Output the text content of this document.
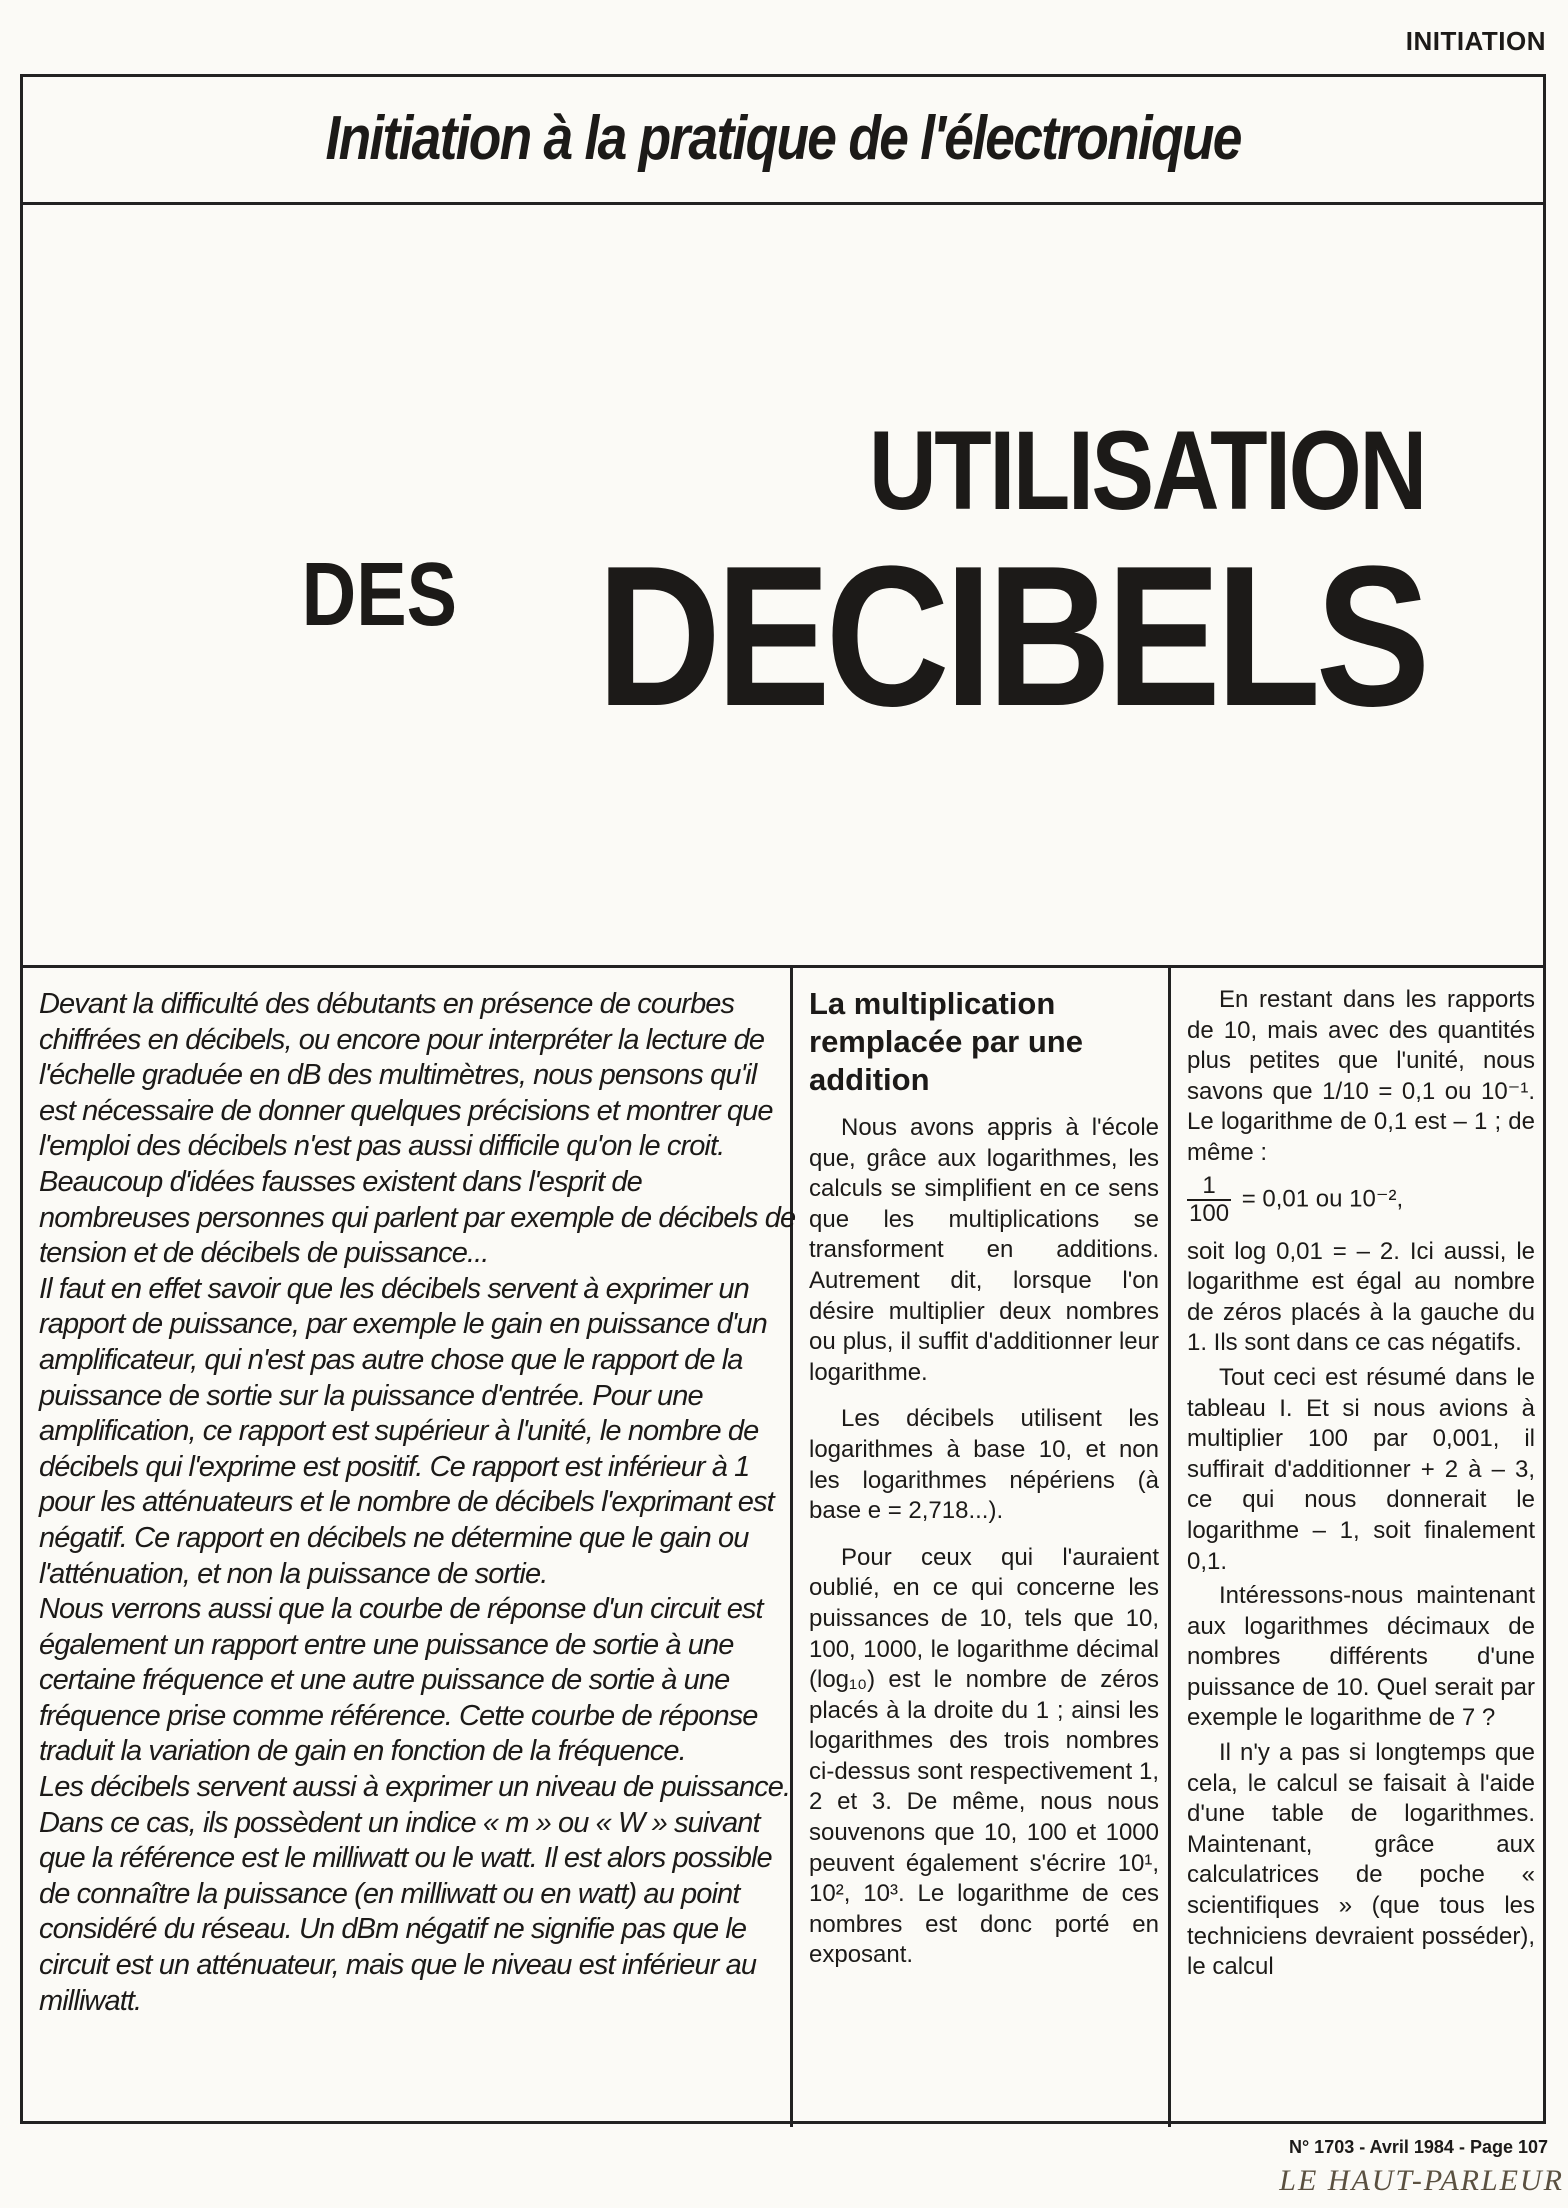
INITIATION
Initiation à la pratique de l'électronique
UTILISATION
DES DECIBELS

Devant la difficulté des débutants en présence de courbes chiffrées en décibels, ou encore pour interpréter la lecture de l'échelle graduée en dB des multimètres, nous pensons qu'il est nécessaire de donner quelques précisions et montrer que l'emploi des décibels n'est pas aussi difficile qu'on le croit.

Beaucoup d'idées fausses existent dans l'esprit de nombreuses personnes qui parlent par exemple de décibels de tension et de décibels de puissance...

Il faut en effet savoir que les décibels servent à exprimer un rapport de puissance, par exemple le gain en puissance d'un amplificateur, qui n'est pas autre chose que le rapport de la puissance de sortie sur la puissance d'entrée. Pour une amplification, ce rapport est supérieur à l'unité, le nombre de décibels qui l'exprime est positif. Ce rapport est inférieur à 1 pour les atténuateurs et le nombre de décibels l'exprimant est négatif. Ce rapport en décibels ne détermine que le gain ou l'atténuation, et non la puissance de sortie.

Nous verrons aussi que la courbe de réponse d'un circuit est également un rapport entre une puissance de sortie à une certaine fréquence et une autre puissance de sortie à une fréquence prise comme référence. Cette courbe de réponse traduit la variation de gain en fonction de la fréquence.

Les décibels servent aussi à exprimer un niveau de puissance. Dans ce cas, ils possèdent un indice « m » ou « W » suivant que la référence est le milliwatt ou le watt. Il est alors possible de connaître la puissance (en milliwatt ou en watt) au point considéré du réseau. Un dBm négatif ne signifie pas que le circuit est un atténuateur, mais que le niveau est inférieur au milliwatt.

La multiplication remplacée par une addition

Nous avons appris à l'école que, grâce aux logarithmes, les calculs se simplifient en ce sens que les multiplications se transforment en additions. Autrement dit, lorsque l'on désire multiplier deux nombres ou plus, il suffit d'additionner leur logarithme.

Les décibels utilisent les logarithmes à base 10, et non les logarithmes népériens (à base e = 2,718...).

Pour ceux qui l'auraient oublié, en ce qui concerne les puissances de 10, tels que 10, 100, 1000, le logarithme décimal (log₁₀) est le nombre de zéros placés à la droite du 1 ; ainsi les logarithmes des trois nombres ci-dessus sont respectivement 1, 2 et 3. De même, nous nous souvenons que 10, 100 et 1000 peuvent également s'écrire 10¹, 10², 10³. Le logarithme de ces nombres est donc porté en exposant.

En restant dans les rapports de 10, mais avec des quantités plus petites que l'unité, nous savons que 1/10 = 0,1 ou 10⁻¹. Le logarithme de 0,1 est – 1 ; de même :

$\frac{1}{100} = 0,01$ ou 10⁻²,

soit log 0,01 = – 2. Ici aussi, le logarithme est égal au nombre de zéros placés à la gauche du 1. Ils sont dans ce cas négatifs.

Tout ceci est résumé dans le tableau I. Et si nous avions à multiplier 100 par 0,001, il suffirait d'additionner + 2 à – 3, ce qui nous donnerait le logarithme – 1, soit finalement 0,1.

Intéressons-nous maintenant aux logarithmes décimaux de nombres différents d'une puissance de 10. Quel serait par exemple le logarithme de 7 ?

Il n'y a pas si longtemps que cela, le calcul se faisait à l'aide d'une table de logarithmes. Maintenant, grâce aux calculatrices de poche « scientifiques » (que tous les techniciens devraient posséder), le calcul

N° 1703 - Avril 1984 - Page 107
LE HAUT-PARLEUR
